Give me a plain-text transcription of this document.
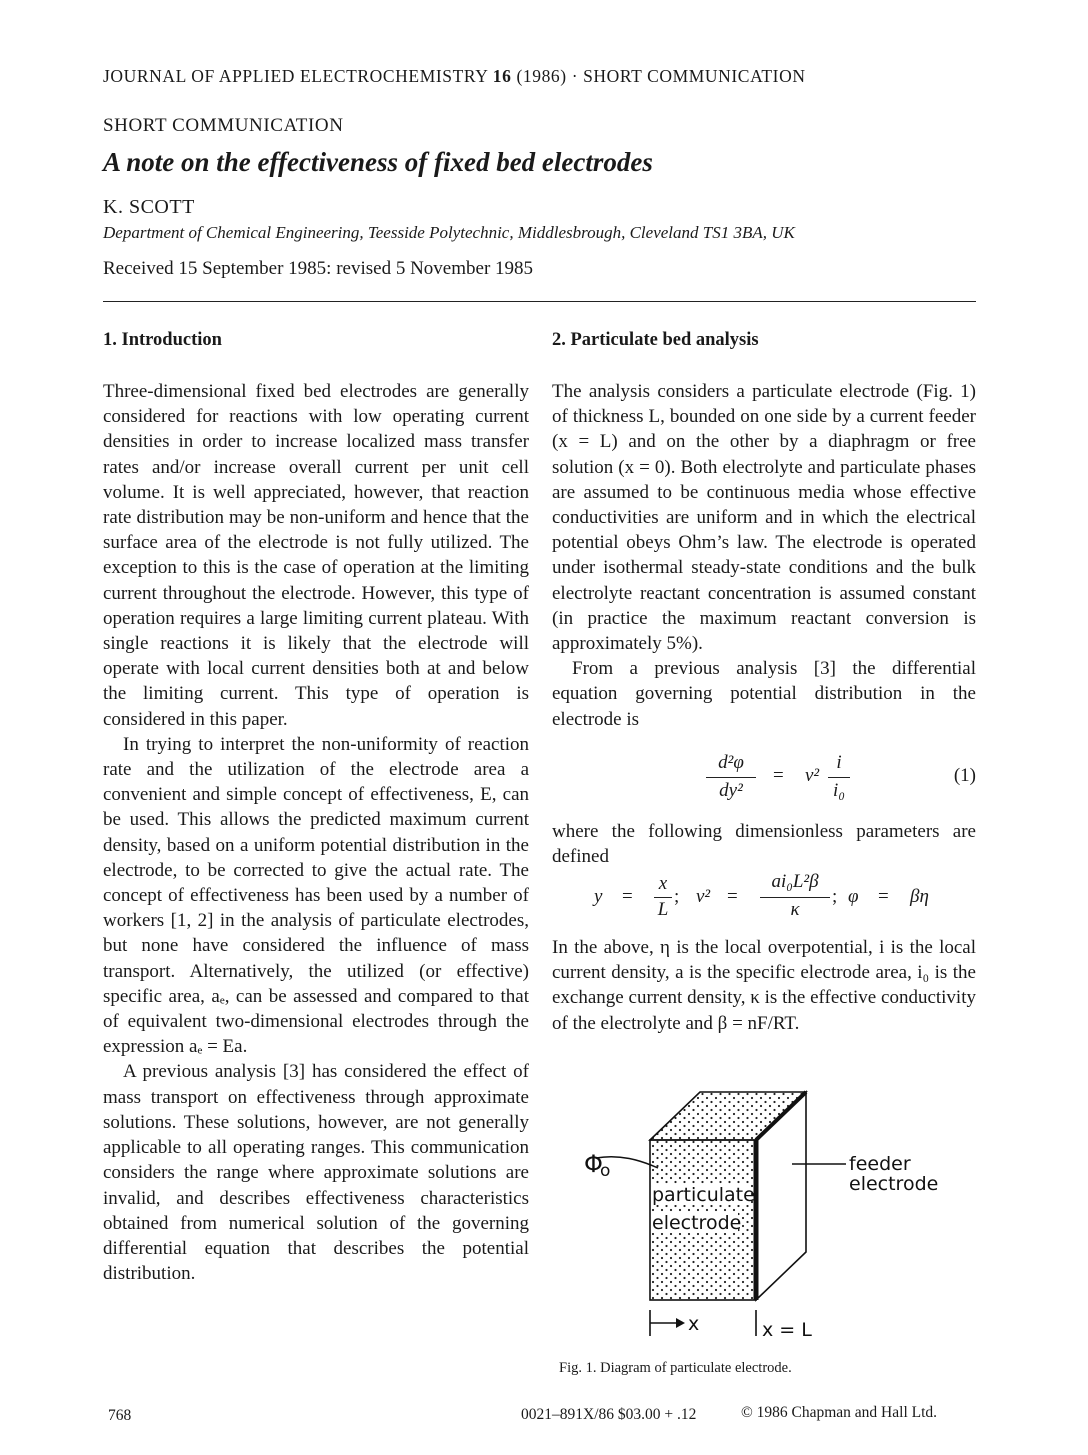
JOURNAL OF APPLIED ELECTROCHEMISTRY 16 (1986) · SHORT COMMUNICATION
SHORT COMMUNICATION
A note on the effectiveness of fixed bed electrodes
K. SCOTT
Department of Chemical Engineering, Teesside Polytechnic, Middlesbrough, Cleveland TS1 3BA, UK
Received 15 September 1985: revised 5 November 1985
1. Introduction

Three-dimensional fixed bed electrodes are generally considered for reactions with low operating current densities in order to increase localized mass transfer rates and/or increase overall current per unit cell volume. It is well appreciated, however, that reaction rate distribution may be non-uniform and hence that the surface area of the electrode is not fully utilized. The exception to this is the case of operation at the limiting current throughout the electrode. However, this type of operation requires a large limiting current plateau. With single reactions it is likely that the electrode will operate with local current densities both at and below the limiting current. This type of operation is considered in this paper.

In trying to interpret the non-uniformity of reaction rate and the utilization of the electrode area a convenient and simple concept of effectiveness, E, can be used. This allows the predicted maximum current density, based on a uniform potential distribution in the electrode, to be corrected to give the actual rate. The concept of effectiveness has been used by a number of workers [1, 2] in the analysis of particulate electrodes, but none have considered the influence of mass transport. Alternatively, the utilized (or effective) specific area, aₑ, can be assessed and compared to that of equivalent two-dimensional electrodes through the expression aₑ = Ea.

A previous analysis [3] has considered the effect of mass transport on effectiveness through approximate solutions. These solutions, however, are not generally applicable to all operating ranges. This communication considers the range where approximate solutions are invalid, and describes effectiveness characteristics obtained from numerical solution of the governing differential equation that describes the potential distribution.

2. Particulate bed analysis

The analysis considers a particulate electrode (Fig. 1) of thickness L, bounded on one side by a current feeder (x = L) and on the other by a diaphragm or free solution (x = 0). Both electrolyte and particulate phases are assumed to be continuous media whose effective conductivities are uniform and in which the electrical potential obeys Ohm’s law. The electrode is operated under isothermal steady-state conditions and the bulk electrolyte reactant concentration is assumed constant (in practice the maximum reactant conversion is approximately 5%).

From a previous analysis [3] the differential equation governing potential distribution in the electrode is

d²φ
dy²
= v²
i
i₀
(1)

where the following dimensionless parameters are defined

y =
x
L
; v² =
ai₀L²β
κ
; φ = βη

In the above, η is the local overpotential, i is the local current density, a is the specific electrode area, i₀ is the exchange current density, κ is the effective conductivity of the electrolyte and β = nF/RT.

particulate
electrode
Φ
o	feeder
electrode
x	x = L
Fig. 1. Diagram of particulate electrode.
768	0021–891X/86 $03.00 + .12	© 1986 Chapman and Hall Ltd.
